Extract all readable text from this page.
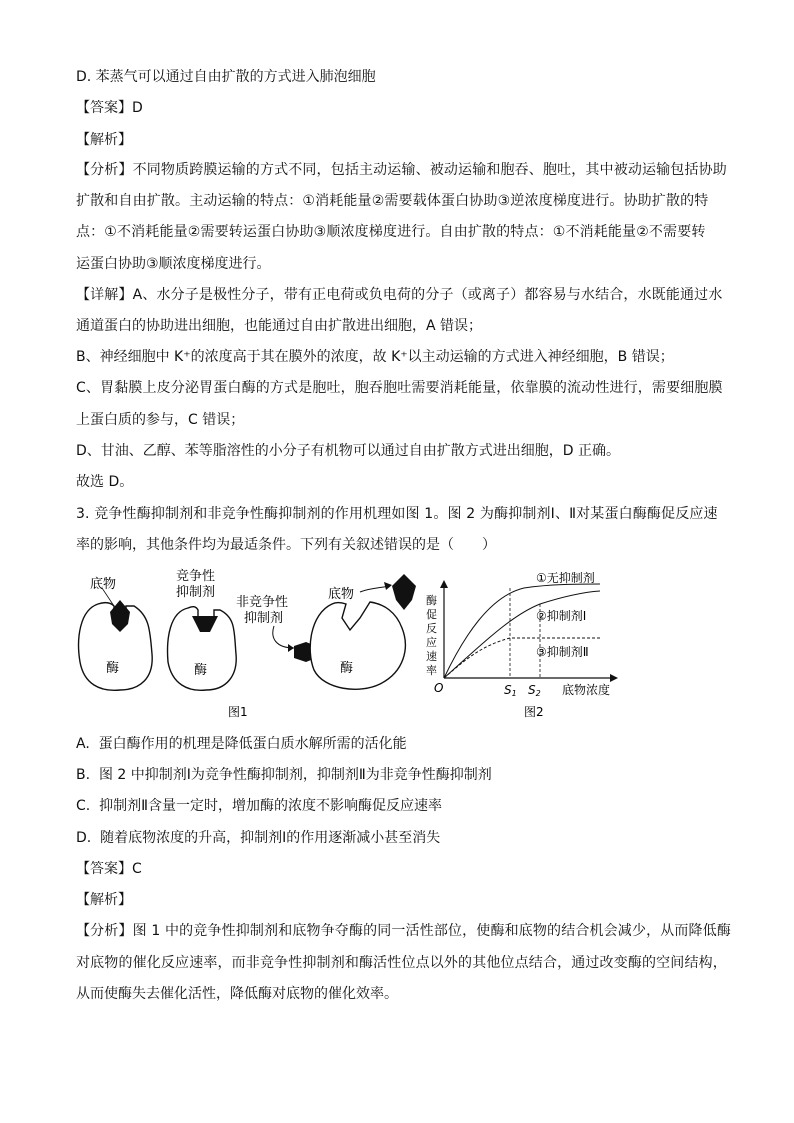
D. 苯蒸气可以通过自由扩散的方式进入肺泡细胞
【答案】D
【解析】
【分析】不同物质跨膜运输的方式不同，包括主动运输、被动运输和胞吞、胞吐，其中被动运输包括协助
扩散和自由扩散。主动运输的特点：①消耗能量②需要载体蛋白协助③逆浓度梯度进行。协助扩散的特
点：①不消耗能量②需要转运蛋白协助③顺浓度梯度进行。自由扩散的特点：①不消耗能量②不需要转
运蛋白协助③顺浓度梯度进行。
【详解】A、水分子是极性分子，带有正电荷或负电荷的分子（或离子）都容易与水结合，水既能通过水
通道蛋白的协助进出细胞，也能通过自由扩散进出细胞，A 错误；
B、神经细胞中 K⁺的浓度高于其在膜外的浓度，故 K⁺以主动运输的方式进入神经细胞，B 错误；
C、胃黏膜上皮分泌胃蛋白酶的方式是胞吐，胞吞胞吐需要消耗能量，依靠膜的流动性进行，需要细胞膜
上蛋白质的参与，C 错误；
D、甘油、乙醇、苯等脂溶性的小分子有机物可以通过自由扩散方式进出细胞，D 正确。
故选 D。
3. 竞争性酶抑制剂和非竞争性酶抑制剂的作用机理如图 1。图 2 为酶抑制剂Ⅰ、Ⅱ对某蛋白酶酶促反应速
率的影响，其他条件均为最适条件。下列有关叙述错误的是（　　）
底物
酶
竞争性
抑制剂
酶
非竞争性
抑制剂
底物
酶
图1
酶
促
反
应
速
率
O	S1 S2 底物浓度
①无抑制剂
②抑制剂Ⅰ
③抑制剂Ⅱ
图2
A.  蛋白酶作用的机理是降低蛋白质水解所需的活化能
B.  图 2 中抑制剂Ⅰ为竞争性酶抑制剂，抑制剂Ⅱ为非竞争性酶抑制剂
C.  抑制剂Ⅱ含量一定时，增加酶的浓度不影响酶促反应速率
D.  随着底物浓度的升高，抑制剂Ⅰ的作用逐渐减小甚至消失
【答案】C
【解析】
【分析】图 1 中的竞争性抑制剂和底物争夺酶的同一活性部位，使酶和底物的结合机会减少，从而降低酶
对底物的催化反应速率，而非竞争性抑制剂和酶活性位点以外的其他位点结合，通过改变酶的空间结构，
从而使酶失去催化活性，降低酶对底物的催化效率。
